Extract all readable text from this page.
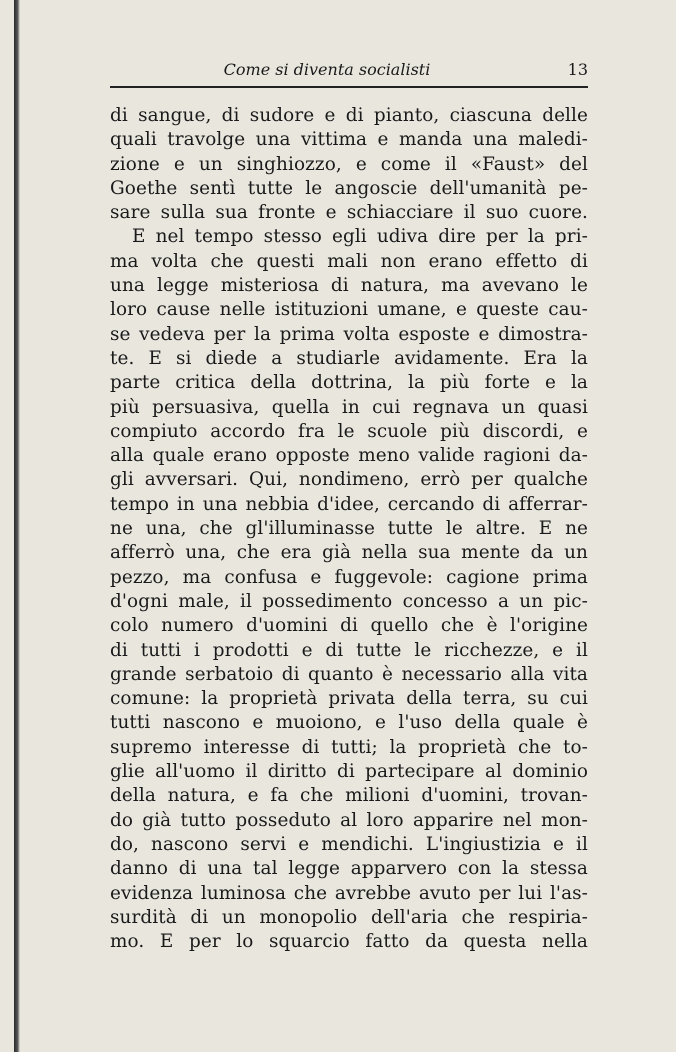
Come si diventa socialisti	13
di sangue, di sudore e di pianto, ciascuna delle
quali travolge una vittima e manda una maledi-
zione e un singhiozzo, e come il «Faust» del
Goethe sentì tutte le angoscie dell'umanità pe-
sare sulla sua fronte e schiacciare il suo cuore.
E nel tempo stesso egli udiva dire per la pri-
ma volta che questi mali non erano effetto di
una legge misteriosa di natura, ma avevano le
loro cause nelle istituzioni umane, e queste cau-
se vedeva per la prima volta esposte e dimostra-
te. E si diede a studiarle avidamente. Era la
parte critica della dottrina, la più forte e la
più persuasiva, quella in cui regnava un quasi
compiuto accordo fra le scuole più discordi, e
alla quale erano opposte meno valide ragioni da-
gli avversari. Qui, nondimeno, errò per qualche
tempo in una nebbia d'idee, cercando di afferrar-
ne una, che gl'illuminasse tutte le altre. E ne
afferrò una, che era già nella sua mente da un
pezzo, ma confusa e fuggevole: cagione prima
d'ogni male, il possedimento concesso a un pic-
colo numero d'uomini di quello che è l'origine
di tutti i prodotti e di tutte le ricchezze, e il
grande serbatoio di quanto è necessario alla vita
comune: la proprietà privata della terra, su cui
tutti nascono e muoiono, e l'uso della quale è
supremo interesse di tutti; la proprietà che to-
glie all'uomo il diritto di partecipare al dominio
della natura, e fa che milioni d'uomini, trovan-
do già tutto posseduto al loro apparire nel mon-
do, nascono servi e mendichi. L'ingiustizia e il
danno di una tal legge apparvero con la stessa
evidenza luminosa che avrebbe avuto per lui l'as-
surdità di un monopolio dell'aria che respiria-
mo. E per lo squarcio fatto da questa nella
